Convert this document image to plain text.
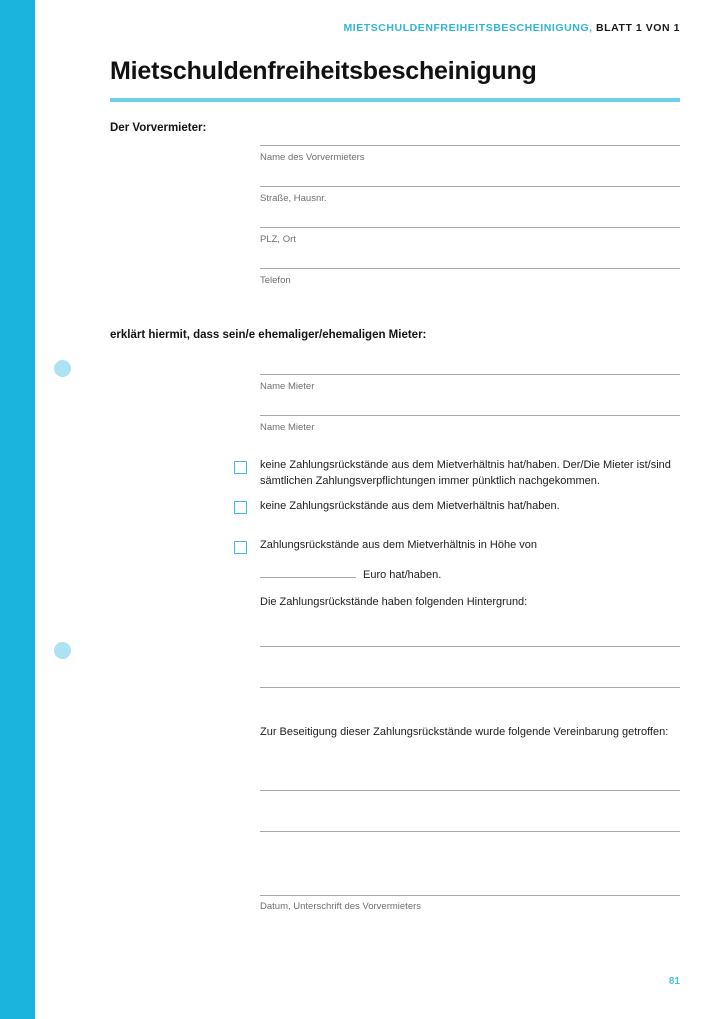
MIETSCHULDENFREIHEITSBESCHEINIGUNG, BLATT 1 VON 1
Mietschuldenfreiheitsbescheinigung
Der Vorvermieter:
Name des Vorvermieters
Straße, Hausnr.
PLZ, Ort
Telefon
erklärt hiermit, dass sein/e ehemaliger/ehemaligen Mieter:
Name Mieter
Name Mieter
keine Zahlungsrückstände aus dem Mietverhältnis hat/haben. Der/Die Mieter ist/sind sämtlichen Zahlungsverpflichtungen immer pünktlich nachgekommen.
keine Zahlungsrückstände aus dem Mietverhältnis hat/haben.
Zahlungsrückstände aus dem Mietverhältnis in Höhe von
Euro hat/haben.
Die Zahlungsrückstände haben folgenden Hintergrund:
Zur Beseitigung dieser Zahlungsrückstände wurde folgende Vereinbarung getroffen:
Datum, Unterschrift des Vorvermieters
81
